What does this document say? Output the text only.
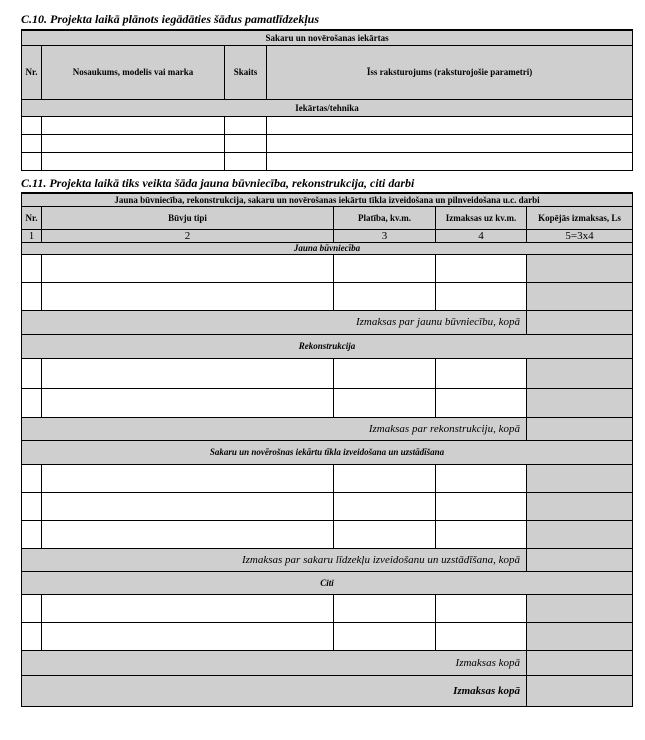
C.10. Projekta laikā plānots iegādāties šādus pamatlīdzekļus
Sakaru un novērošanas iekārtas			
Nr.	Nosaukums, modelis vai marka	Skaits	Īss raksturojums (raksturojošie parametri)
Iekārtas/tehnika			

C.11. Projekta laikā tiks veikta šāda jauna būvniecība, rekonstrukcija, citi darbi
Jauna būvniecība, rekonstrukcija, sakaru un novērošanas iekārtu tīkla izveidošana un pilnveidošana u.c. darbi				
Nr.	Būvju tipi	Platība, kv.m.	Izmaksas uz kv.m.	Kopējās izmaksas, Ls
1	2	3	4	5=3x4
Jauna būvniecība				

Izmaksas par jaunu būvniecību, kopā				
Rekonstrukcija				

Izmaksas par rekonstrukciju, kopā				
Sakaru un novērošnas iekārtu tīkla izveidošana un uzstādīšana				

Izmaksas par sakaru līdzekļu izveidošanu un uzstādīšana, kopā				
Citi				

Izmaksas kopā				
Izmaksas kopā				
